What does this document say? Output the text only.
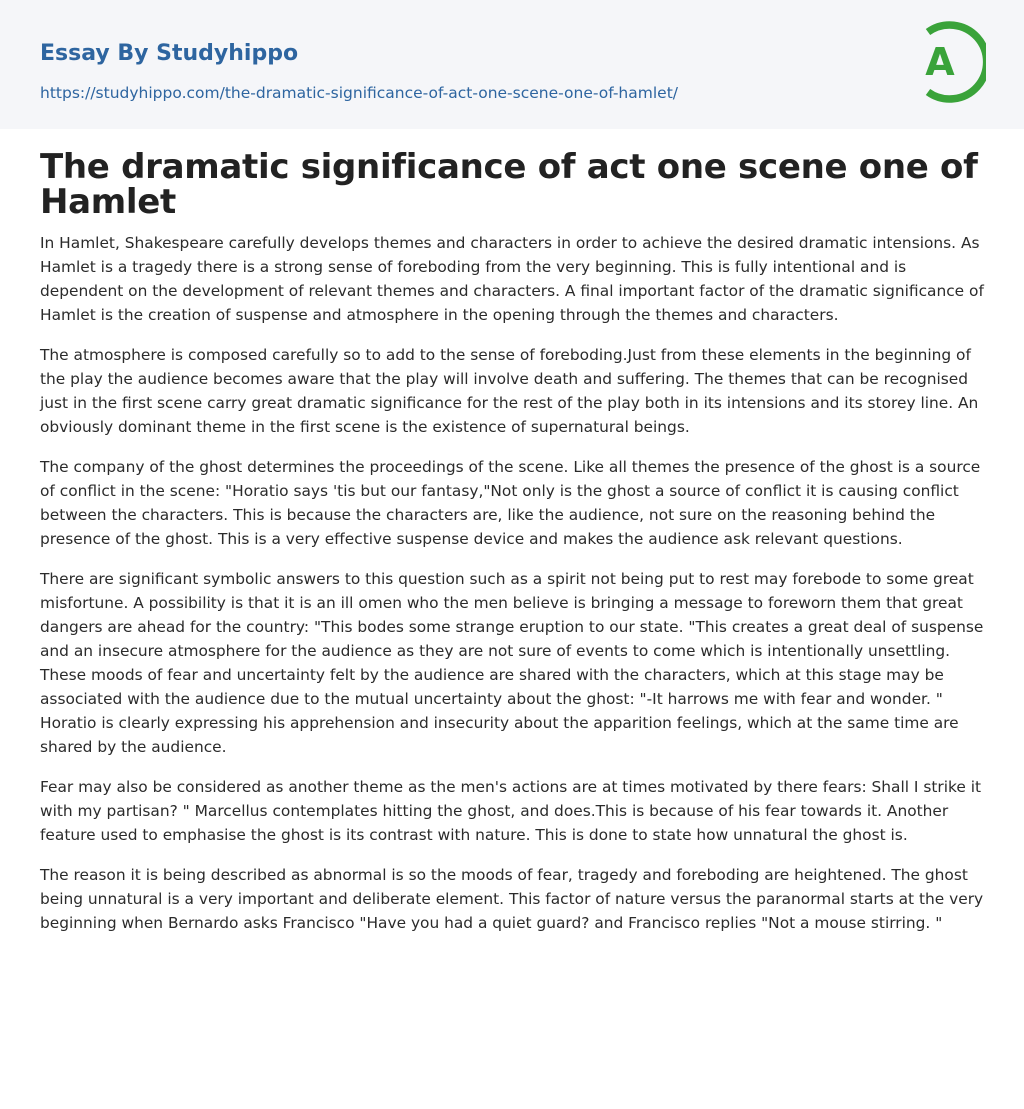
Essay By Studyhippo
https://studyhippo.com/the-dramatic-significance-of-act-one-scene-one-of-hamlet/
A
The dramatic significance of act one scene one of Hamlet

In Hamlet, Shakespeare carefully develops themes and characters in order to achieve the desired dramatic intensions. As Hamlet is a tragedy there is a strong sense of foreboding from the very beginning. This is fully intentional and is dependent on the development of relevant themes and characters. A final important factor of the dramatic significance of Hamlet is the creation of suspense and atmosphere in the opening through the themes and characters.

The atmosphere is composed carefully so to add to the sense of foreboding.Just from these elements in the beginning of the play the audience becomes aware that the play will involve death and suffering. The themes that can be recognised just in the first scene carry great dramatic significance for the rest of the play both in its intensions and its storey line. An obviously dominant theme in the first scene is the existence of supernatural beings.

The company of the ghost determines the proceedings of the scene. Like all themes the presence of the ghost is a source of conflict in the scene: "Horatio says 'tis but our fantasy,"Not only is the ghost a source of conflict it is causing conflict between the characters. This is because the characters are, like the audience, not sure on the reasoning behind the presence of the ghost. This is a very effective suspense device and makes the audience ask relevant questions.

There are significant symbolic answers to this question such as a spirit not being put to rest may forebode to some great misfortune. A possibility is that it is an ill omen who the men believe is bringing a message to foreworn them that great dangers are ahead for the country: "This bodes some strange eruption to our state. "This creates a great deal of suspense and an insecure atmosphere for the audience as they are not sure of events to come which is intentionally unsettling. These moods of fear and uncertainty felt by the audience are shared with the characters, which at this stage may be associated with the audience due to the mutual uncertainty about the ghost: "-It harrows me with fear and wonder. " Horatio is clearly expressing his apprehension and insecurity about the apparition feelings, which at the same time are shared by the audience.

Fear may also be considered as another theme as the men's actions are at times motivated by there fears: Shall I strike it with my partisan? " Marcellus contemplates hitting the ghost, and does.This is because of his fear towards it. Another feature used to emphasise the ghost is its contrast with nature. This is done to state how unnatural the ghost is.

The reason it is being described as abnormal is so the moods of fear, tragedy and foreboding are heightened. The ghost being unnatural is a very important and deliberate element. This factor of nature versus the paranormal starts at the very beginning when Bernardo asks Francisco "Have you had a quiet guard? and Francisco replies "Not a mouse stirring. "
